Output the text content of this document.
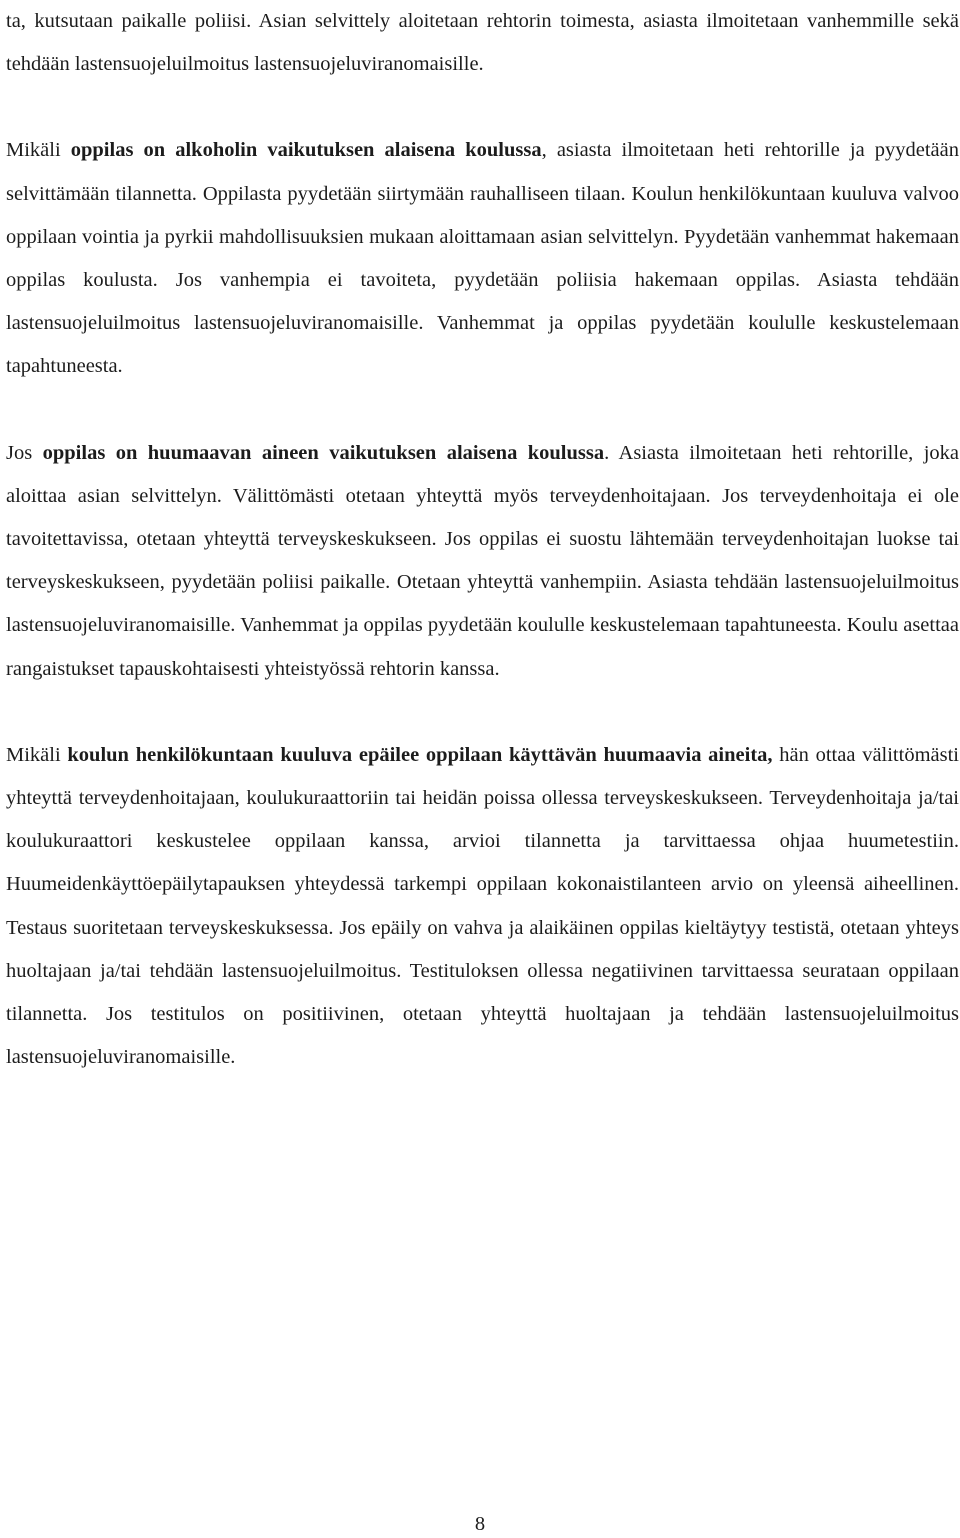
ta, kutsutaan paikalle poliisi. Asian selvittely aloitetaan rehtorin toimesta, asiasta ilmoitetaan vanhemmille sekä tehdään lastensuojeluilmoitus lastensuojeluviranomaisille.

Mikäli oppilas on alkoholin vaikutuksen alaisena koulussa, asiasta ilmoitetaan heti rehtorille ja pyydetään selvittämään tilannetta. Oppilasta pyydetään siirtymään rauhalliseen tilaan. Koulun henkilökuntaan kuuluva valvoo oppilaan vointia ja pyrkii mahdollisuuksien mukaan aloittamaan asian selvittelyn. Pyydetään vanhemmat hakemaan oppilas koulusta. Jos vanhempia ei tavoiteta, pyydetään poliisia hakemaan oppilas. Asiasta tehdään lastensuojeluilmoitus lastensuojeluviranomaisille. Vanhemmat ja oppilas pyydetään koululle keskustelemaan tapahtuneesta.

Jos oppilas on huumaavan aineen vaikutuksen alaisena koulussa. Asiasta ilmoitetaan heti rehtorille, joka aloittaa asian selvittelyn. Välittömästi otetaan yhteyttä myös terveydenhoitajaan. Jos terveydenhoitaja ei ole tavoitettavissa, otetaan yhteyttä terveyskeskukseen. Jos oppilas ei suostu lähtemään terveydenhoitajan luokse tai terveyskeskukseen, pyydetään poliisi paikalle. Otetaan yhteyttä vanhempiin. Asiasta tehdään lastensuojeluilmoitus lastensuojeluviranomaisille. Vanhemmat ja oppilas pyydetään koululle keskustelemaan tapahtuneesta. Koulu asettaa rangaistukset tapauskohtaisesti yhteistyössä rehtorin kanssa.

Mikäli koulun henkilökuntaan kuuluva epäilee oppilaan käyttävän huumaavia aineita, hän ottaa välittömästi yhteyttä terveydenhoitajaan, koulukuraattoriin tai heidän poissa ollessa terveyskeskukseen. Terveydenhoitaja ja/tai koulukuraattori keskustelee oppilaan kanssa, arvioi tilannetta ja tarvittaessa ohjaa huumetestiin. Huumeidenkäyttöepäilytapauksen yhteydessä tarkempi oppilaan kokonaistilanteen arvio on yleensä aiheellinen. Testaus suoritetaan terveyskeskuksessa. Jos epäily on vahva ja alaikäinen oppilas kieltäytyy testistä, otetaan yhteys huoltajaan ja/tai tehdään lastensuojeluilmoitus. Testituloksen ollessa negatiivinen tarvittaessa seurataan oppilaan tilannetta. Jos testitulos on positiivinen, otetaan yhteyttä huoltajaan ja tehdään lastensuojeluilmoitus lastensuojeluviranomaisille.

8
